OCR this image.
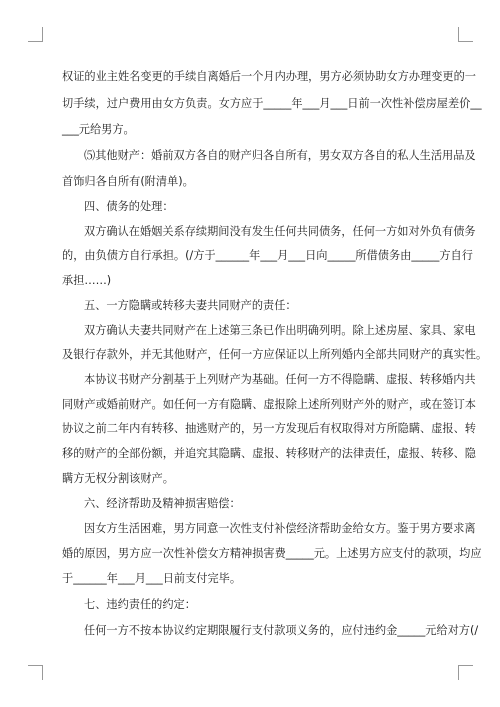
权证的业主姓名变更的手续自离婚后一个月内办理，男方必须协助女方办理变更的一
切手续，过户费用由女方负责。女方应于_____年___月___日前一次性补偿房屋差价__
___元给男方。
⑸其他财产：婚前双方各自的财产归各自所有，男女双方各自的私人生活用品及
首饰归各自所有(附清单)。
四、债务的处理：
双方确认在婚姻关系存续期间没有发生任何共同债务，任何一方如对外负有债务
的，由负债方自行承担。(/方于______年___月___日向_____所借债务由_____方自行
承担……)
五、一方隐瞒或转移夫妻共同财产的责任：
双方确认夫妻共同财产在上述第三条已作出明确列明。除上述房屋、家具、家电
及银行存款外，并无其他财产，任何一方应保证以上所列婚内全部共同财产的真实性。
本协议书财产分割基于上列财产为基础。任何一方不得隐瞒、虚报、转移婚内共
同财产或婚前财产。如任何一方有隐瞒、虚报除上述所列财产外的财产，或在签订本
协议之前二年内有转移、抽逃财产的，另一方发现后有权取得对方所隐瞒、虚报、转
移的财产的全部份额，并追究其隐瞒、虚报、转移财产的法律责任，虚报、转移、隐
瞒方无权分割该财产。
六、经济帮助及精神损害赔偿：
因女方生活困难，男方同意一次性支付补偿经济帮助金给女方。鉴于男方要求离
婚的原因，男方应一次性补偿女方精神损害费_____元。上述男方应支付的款项，均应
于______年___月___日前支付完毕。
七、违约责任的约定：
任何一方不按本协议约定期限履行支付款项义务的，应付违约金_____元给对方(/
